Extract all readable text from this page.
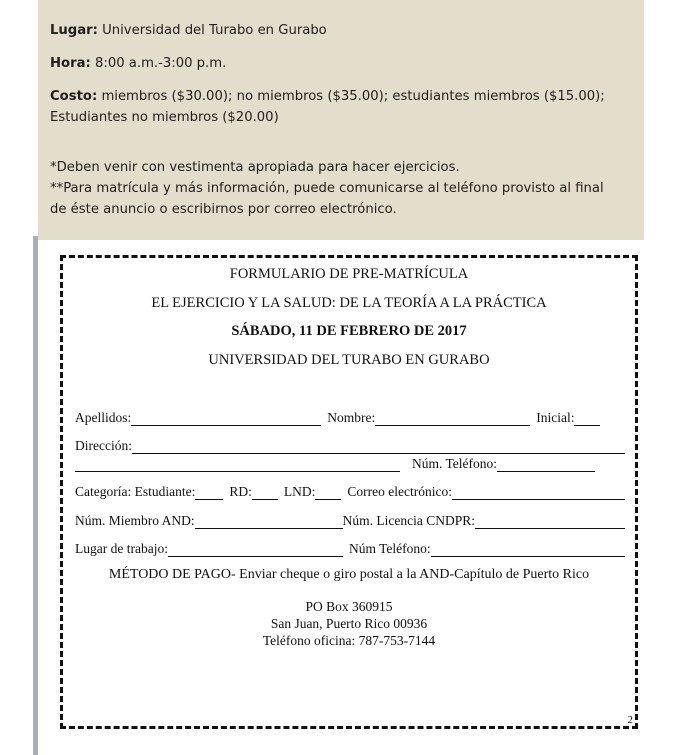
Lugar: Universidad del Turabo en Gurabo

Hora: 8:00 a.m.-3:00 p.m.

Costo: miembros ($30.00); no miembros ($35.00); estudiantes miembros ($15.00);

Estudiantes no miembros ($20.00)

*Deben venir con vestimenta apropiada para hacer ejercicios.

**Para matrícula y más información, puede comunicarse al teléfono provisto al final

de éste anuncio o escribirnos por correo electrónico.

FORMULARIO DE PRE-MATRÍCULA
EL EJERCICIO Y LA SALUD: DE LA TEORÍA A LA PRÁCTICA
SÁBADO, 11 DE FEBRERO DE 2017
UNIVERSIDAD DEL TURABO EN GURABO
Apellidos:	Nombre:	Inicial:
Dirección:
Núm. Teléfono:
Categoría: Estudiante:	RD: LND: Correo electrónico:
Núm. Miembro AND:	Núm. Licencia CNDPR:
Lugar de trabajo:	Núm Teléfono:
MÉTODO DE PAGO- Enviar cheque o giro postal a la AND-Capítulo de Puerto Rico
PO Box 360915
San Juan, Puerto Rico 00936
Teléfono oficina: 787-753-7144
2
